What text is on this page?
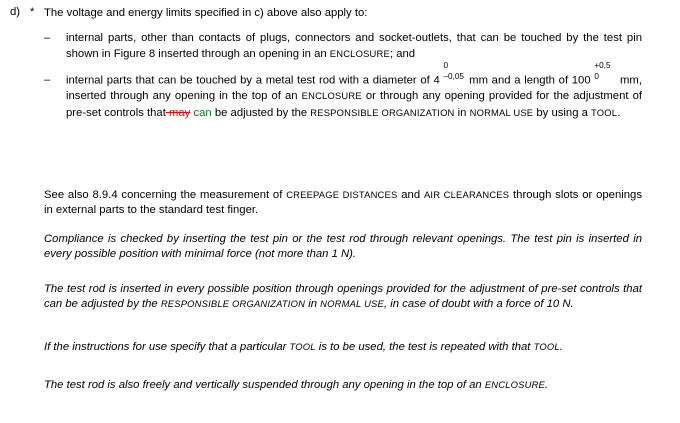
d) * The voltage and energy limits specified in c) above also apply to:
–	internal parts, other than contacts of plugs, connectors and socket-outlets, that can be touched by the test pin shown in Figure 8 inserted through an opening in an ENCLOSURE; and
–	internal parts that can be touched by a metal test rod with a diameter of 4
0
–0,05 mm and a length of 100
+0,5
0 mm, inserted through any opening in the top of an ENCLOSURE or through any opening provided for the adjustment of pre-set controls that may can be adjusted by the RESPONSIBLE ORGANIZATION in NORMAL USE by using a TOOL.
See also 8.9.4 concerning the measurement of CREEPAGE DISTANCES and AIR CLEARANCES through slots or openings in external parts to the standard test finger.
Compliance is checked by inserting the test pin or the test rod through relevant openings. The test pin is inserted in every possible position with minimal force (not more than 1 N).
The test rod is inserted in every possible position through openings provided for the adjustment of pre-set controls that can be adjusted by the RESPONSIBLE ORGANIZATION in NORMAL USE, in case of doubt with a force of 10 N.
If the instructions for use specify that a particular TOOL is to be used, the test is repeated with that TOOL.
The test rod is also freely and vertically suspended through any opening in the top of an ENCLOSURE.
